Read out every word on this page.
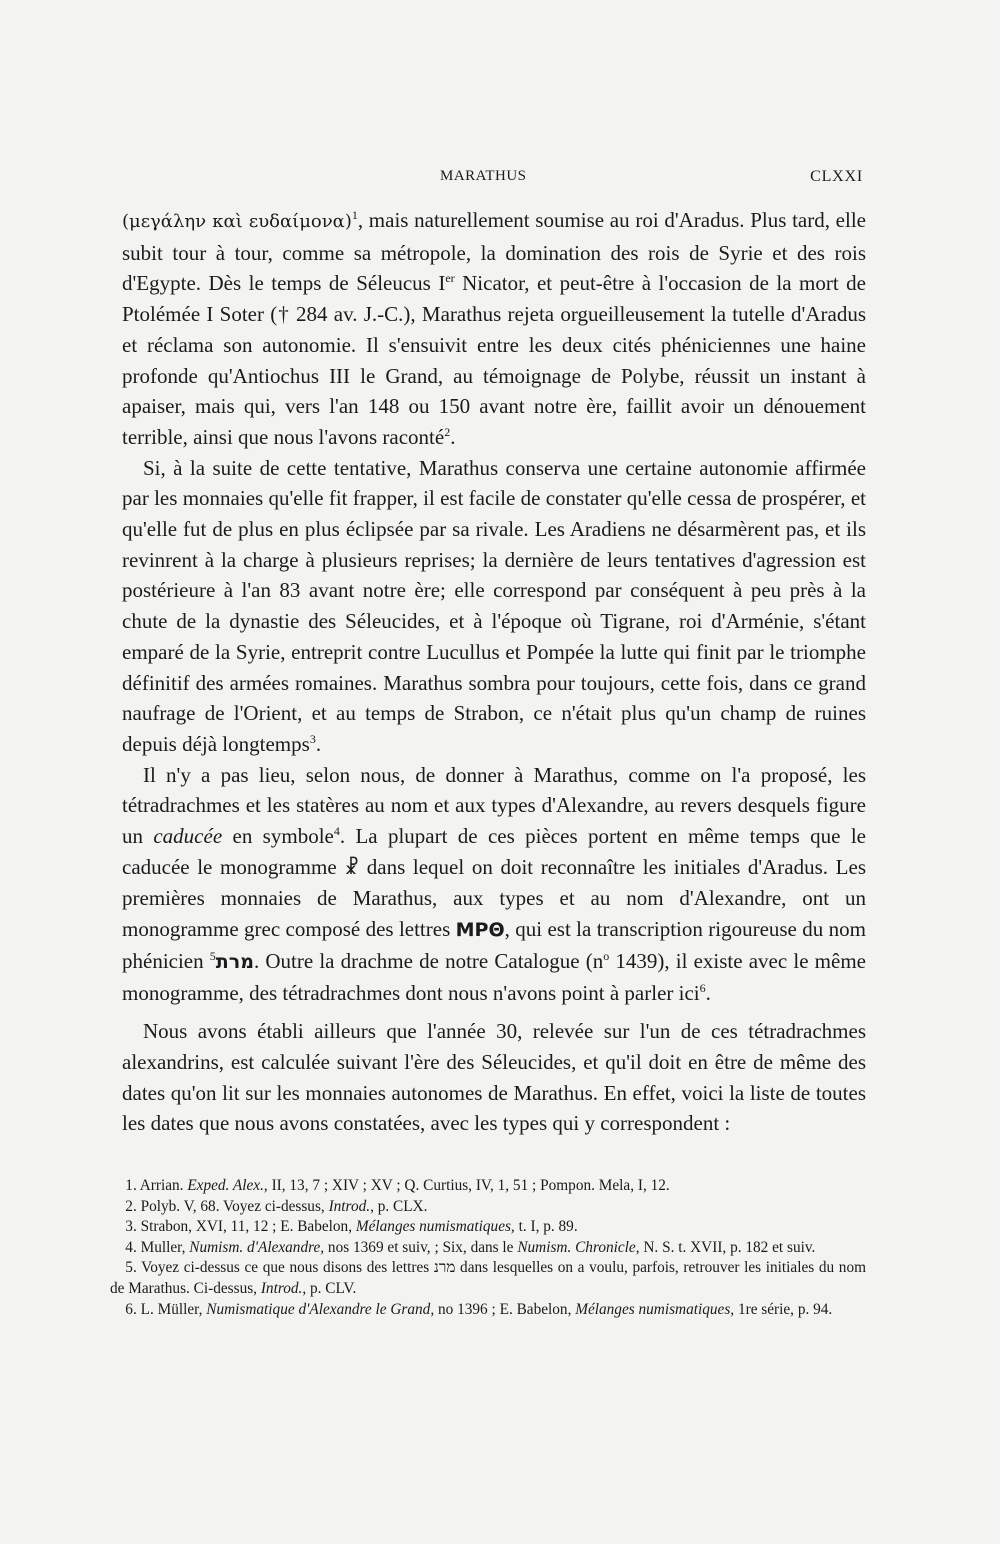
MARATHUS	CLXXI

(μεγάλην καὶ ευδαίμονα)$^1$, mais naturellement soumise au roi d'Aradus. Plus tard, elle subit tour à tour, comme sa métropole, la domination des rois de Syrie et des rois d'Egypte. Dès le temps de Séleucus Ier Nicator, et peut-être à l'occasion de la mort de Ptolémée I Soter († 284 av. J.-C.), Marathus rejeta orgueilleusement la tutelle d'Aradus et réclama son autonomie. Il s'ensuivit entre les deux cités phéniciennes une haine profonde qu'Antiochus III le Grand, au témoignage de Polybe, réussit un instant à apaiser, mais qui, vers l'an 148 ou 150 avant notre ère, faillit avoir un dénouement terrible, ainsi que nous l'avons raconté$^2$.

 Si, à la suite de cette tentative, Marathus conserva une certaine autonomie affirmée par les monnaies qu'elle fit frapper, il est facile de constater qu'elle cessa de prospérer, et qu'elle fut de plus en plus éclipsée par sa rivale. Les Aradiens ne désarmèrent pas, et ils revinrent à la charge à plusieurs reprises; la dernière de leurs tentatives d'agression est postérieure à l'an 83 avant notre ère; elle correspond par conséquent à peu près à la chute de la dynastie des Séleucides, et à l'époque où Tigrane, roi d'Arménie, s'étant emparé de la Syrie, entreprit contre Lucullus et Pompée la lutte qui finit par le triomphe définitif des armées romaines. Marathus sombra pour toujours, cette fois, dans ce grand naufrage de l'Orient, et au temps de Strabon, ce n'était plus qu'un champ de ruines depuis déjà longtemps$^3$.

 Il n'y a pas lieu, selon nous, de donner à Marathus, comme on l'a proposé, les tétradrachmes et les statères au nom et aux types d'Alexandre, au revers desquels figure un caducée en symbole$^4$. La plupart de ces pièces portent en même temps que le caducée le monogramme ☧ dans lequel on doit reconnaître les initiales d'Aradus. Les premières monnaies de Marathus, aux types et au nom d'Alexandre, ont un monogramme grec composé des lettres ΜΡΘ, qui est la transcription rigoureuse du nom phénicien מרת$^5$ . Outre la drachme de notre Catalogue (n$^o$ 1439), il existe avec le même monogramme, des tétradrachmes dont nous n'avons point à parler ici$^6$.

 Nous avons établi ailleurs que l'année 30, relevée sur l'un de ces tétradrachmes alexandrins, est calculée suivant l'ère des Séleucides, et qu'il doit en être de même des dates qu'on lit sur les monnaies autonomes de Marathus. En effet, voici la liste de toutes les dates que nous avons constatées, avec les types qui y correspondent :

 1. Arrian. Exped. Alex., II, 13, 7 ; XIV ; XV ; Q. Curtius, IV, 1, 51 ; Pompon. Mela, I, 12.

 2. Polyb. V, 68. Voyez ci-dessus, Introd., p. CLX.

 3. Strabon, XVI, 11, 12 ; E. Babelon, Mélanges numismatiques, t. I, p. 89.

 4. Muller, Numism. d'Alexandre, nos 1369 et suiv, ; Six, dans le Numism. Chronicle, N. S. t. XVII, p. 182 et suiv.

 5. Voyez ci-dessus ce que nous disons des lettres מרנ dans lesquelles on a voulu, parfois, retrouver les initiales du nom de Marathus. Ci-dessus, Introd., p. CLV.

 6. L. Müller, Numismatique d'Alexandre le Grand, no 1396 ; E. Babelon, Mélanges numismatiques, 1re série, p. 94.
